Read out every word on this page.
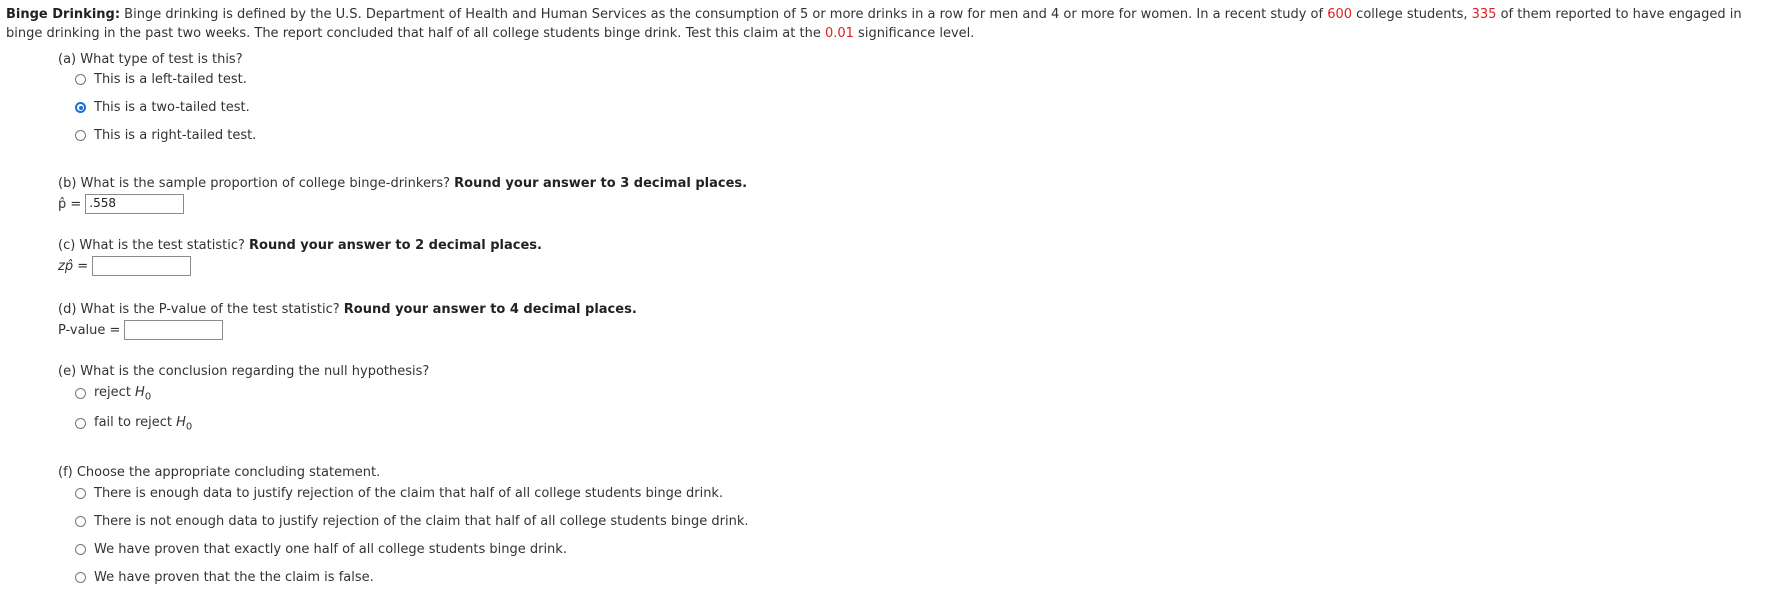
Binge Drinking: Binge drinking is defined by the U.S. Department of Health and Human Services as the consumption of 5 or more drinks in a row for men and 4 or more for women. In a recent study of 600 college students, 335 of them reported to have engaged in binge drinking in the past two weeks. The report concluded that half of all college students binge drink. Test this claim at the 0.01 significance level.
(a) What type of test is this?
This is a left-tailed test.
This is a two-tailed test.
This is a right-tailed test.
(b) What is the sample proportion of college binge-drinkers? Round your answer to 3 decimal places.
p̂ = .558
(c) What is the test statistic? Round your answer to 2 decimal places.
zp̂ =
(d) What is the P-value of the test statistic? Round your answer to 4 decimal places.
P-value =
(e) What is the conclusion regarding the null hypothesis?
reject $H_0$
fail to reject $H_0$
(f) Choose the appropriate concluding statement.
There is enough data to justify rejection of the claim that half of all college students binge drink.
There is not enough data to justify rejection of the claim that half of all college students binge drink.
We have proven that exactly one half of all college students binge drink.
We have proven that the the claim is false.
